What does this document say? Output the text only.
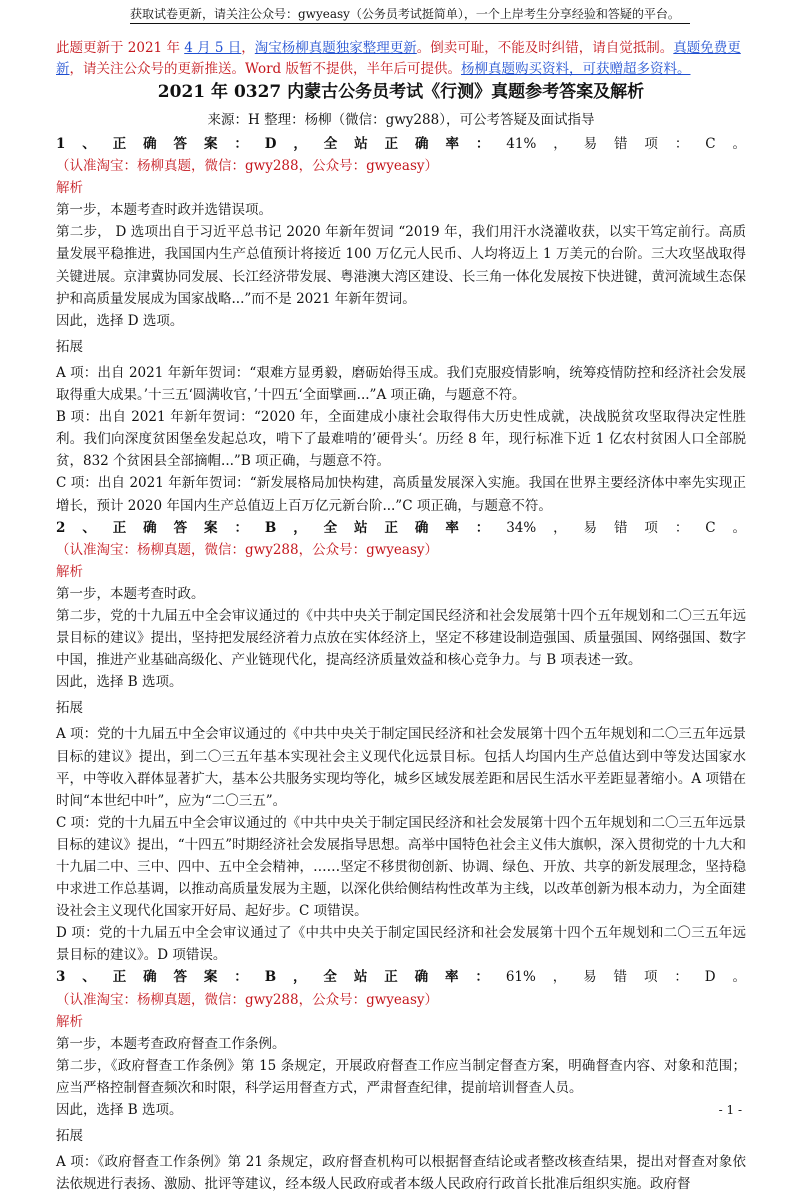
获取试卷更新，请关注公众号：gwyeasy（公务员考试挺简单），一个上岸考生分享经验和答疑的平台。
此题更新于 2021 年 4 月 5 日，淘宝杨柳真题独家整理更新。倒卖可耻，不能及时纠错，请自觉抵制。真题免费更新，请关注公众号的更新推送。Word 版暂不提供，半年后可提供。杨柳真题购买资料，可获赠超多资料。
2021 年 0327 内蒙古公务员考试《行测》真题参考答案及解析
来源：H 整理：杨柳（微信：gwy288），可公考答疑及面试指导

1、正确答案：D，全站正确率：41%，易错项：C。（认准淘宝：杨柳真题，微信：gwy288，公众号：gwyeasy）

解析

第一步，本题考查时政并选错误项。

第二步， D 选项出自于习近平总书记 2020 年新年贺词 “2019 年，我们用汗水浇灌收获，以实干笃定前行。高质量发展平稳推进，我国国内生产总值预计将接近 100 万亿元人民币、人均将迈上 1 万美元的台阶。三大攻坚战取得关键进展。京津冀协同发展、长江经济带发展、粤港澳大湾区建设、长三角一体化发展按下快进键，黄河流域生态保护和高质量发展成为国家战略...”而不是 2021 年新年贺词。

因此，选择 D 选项。

拓展

A 项：出自 2021 年新年贺词：“艰难方显勇毅，磨砺始得玉成。我们克服疫情影响，统筹疫情防控和经济社会发展取得重大成果。’十三五‘圆满收官，’十四五‘全面擘画...”A 项正确，与题意不符。

B 项：出自 2021 年新年贺词：“2020 年，全面建成小康社会取得伟大历史性成就，决战脱贫攻坚取得决定性胜利。我们向深度贫困堡垒发起总攻，啃下了最难啃的’硬骨头‘。历经 8 年，现行标准下近 1 亿农村贫困人口全部脱贫，832 个贫困县全部摘帽...”B 项正确，与题意不符。

C 项：出自 2021 年新年贺词：“新发展格局加快构建，高质量发展深入实施。我国在世界主要经济体中率先实现正增长，预计 2020 年国内生产总值迈上百万亿元新台阶...”C 项正确，与题意不符。

2、正确答案：B，全站正确率：34%，易错项：C。（认准淘宝：杨柳真题，微信：gwy288，公众号：gwyeasy）

解析

第一步，本题考查时政。

第二步，党的十九届五中全会审议通过的《中共中央关于制定国民经济和社会发展第十四个五年规划和二〇三五年远景目标的建议》提出，坚持把发展经济着力点放在实体经济上，坚定不移建设制造强国、质量强国、网络强国、数字中国，推进产业基础高级化、产业链现代化，提高经济质量效益和核心竞争力。与 B 项表述一致。

因此，选择 B 选项。

拓展

A 项：党的十九届五中全会审议通过的《中共中央关于制定国民经济和社会发展第十四个五年规划和二〇三五年远景目标的建议》提出，到二〇三五年基本实现社会主义现代化远景目标。包括人均国内生产总值达到中等发达国家水平，中等收入群体显著扩大，基本公共服务实现均等化，城乡区域发展差距和居民生活水平差距显著缩小。A 项错在时间“本世纪中叶”，应为“二〇三五”。

C 项：党的十九届五中全会审议通过的《中共中央关于制定国民经济和社会发展第十四个五年规划和二〇三五年远景目标的建议》提出，“十四五”时期经济社会发展指导思想。高举中国特色社会主义伟大旗帜，深入贯彻党的十九大和十九届二中、三中、四中、五中全会精神，……坚定不移贯彻创新、协调、绿色、开放、共享的新发展理念，坚持稳中求进工作总基调，以推动高质量发展为主题，以深化供给侧结构性改革为主线，以改革创新为根本动力，为全面建设社会主义现代化国家开好局、起好步。C 项错误。

D 项：党的十九届五中全会审议通过了《中共中央关于制定国民经济和社会发展第十四个五年规划和二〇三五年远景目标的建议》。D 项错误。

3、正确答案：B，全站正确率：61%，易错项：D。（认准淘宝：杨柳真题，微信：gwy288，公众号：gwyeasy）

解析

第一步，本题考查政府督查工作条例。

第二步，《政府督查工作条例》第 15 条规定，开展政府督查工作应当制定督查方案，明确督查内容、对象和范围；应当严格控制督查频次和时限，科学运用督查方式，严肃督查纪律，提前培训督查人员。

因此，选择 B 选项。

拓展

A 项：《政府督查工作条例》第 21 条规定，政府督查机构可以根据督查结论或者整改核查结果，提出对督查对象依法依规进行表扬、激励、批评等建议，经本级人民政府或者本级人民政府行政首长批准后组织实施。政府督

- 1 -
